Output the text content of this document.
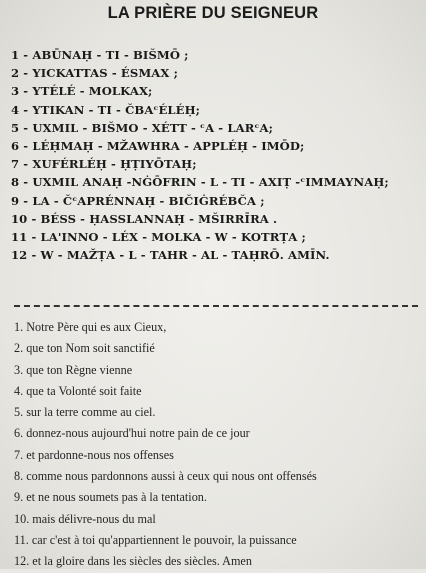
LA PRIÈRE DU SEIGNEUR
1 - ABŪNAḤ - TI - BIŠMŌ ;
2 - YICKATTAS - ÉSMAX ;
3 - YTÉLÉ - MOLKAX;
4 - YTIKAN - TI - ČBAᶜÉLÉḤ;
5 - UXMIL - BIŠMO - XÉTT - ᶜA - LARᶜA;
6 - LÉḤMAḤ - MŽAWHRA - APPLÉḤ - IMŌD;
7 - XUFÉRLÉḤ - ḤṬIYŌTAḤ;
8 - UXMIL ANAḤ -NĠŌFRIN - L - TI - AXIṬ -ᶜIMMAYNAḤ;
9 - LA - ČᶜAPRÉNNAḤ - BIČIĠRÉBČA ;
10 - BÉSS - ḤASSLANNAḤ - MŠIRRĪRA .
11 - LA'INNO - LÉX - MOLKA - W - KOTRṬA ;
12 - W - MAŽṬA - L - TAHR - AL - TAḤRŌ. AMĪN.
1. Notre Père qui es aux Cieux,
2. que ton Nom soit sanctifié
3. que ton Règne vienne
4. que ta Volonté soit faite
5. sur la terre comme au ciel.
6. donnez-nous aujourd'hui notre pain de ce jour
7. et pardonne-nous nos offenses
8. comme nous pardonnons aussi à ceux qui nous ont offensés
9. et ne nous soumets pas à la tentation.
10. mais délivre-nous du mal
11. car c'est à toi qu'appartiennent le pouvoir, la puissance
12. et la gloire dans les siècles des siècles. Amen
